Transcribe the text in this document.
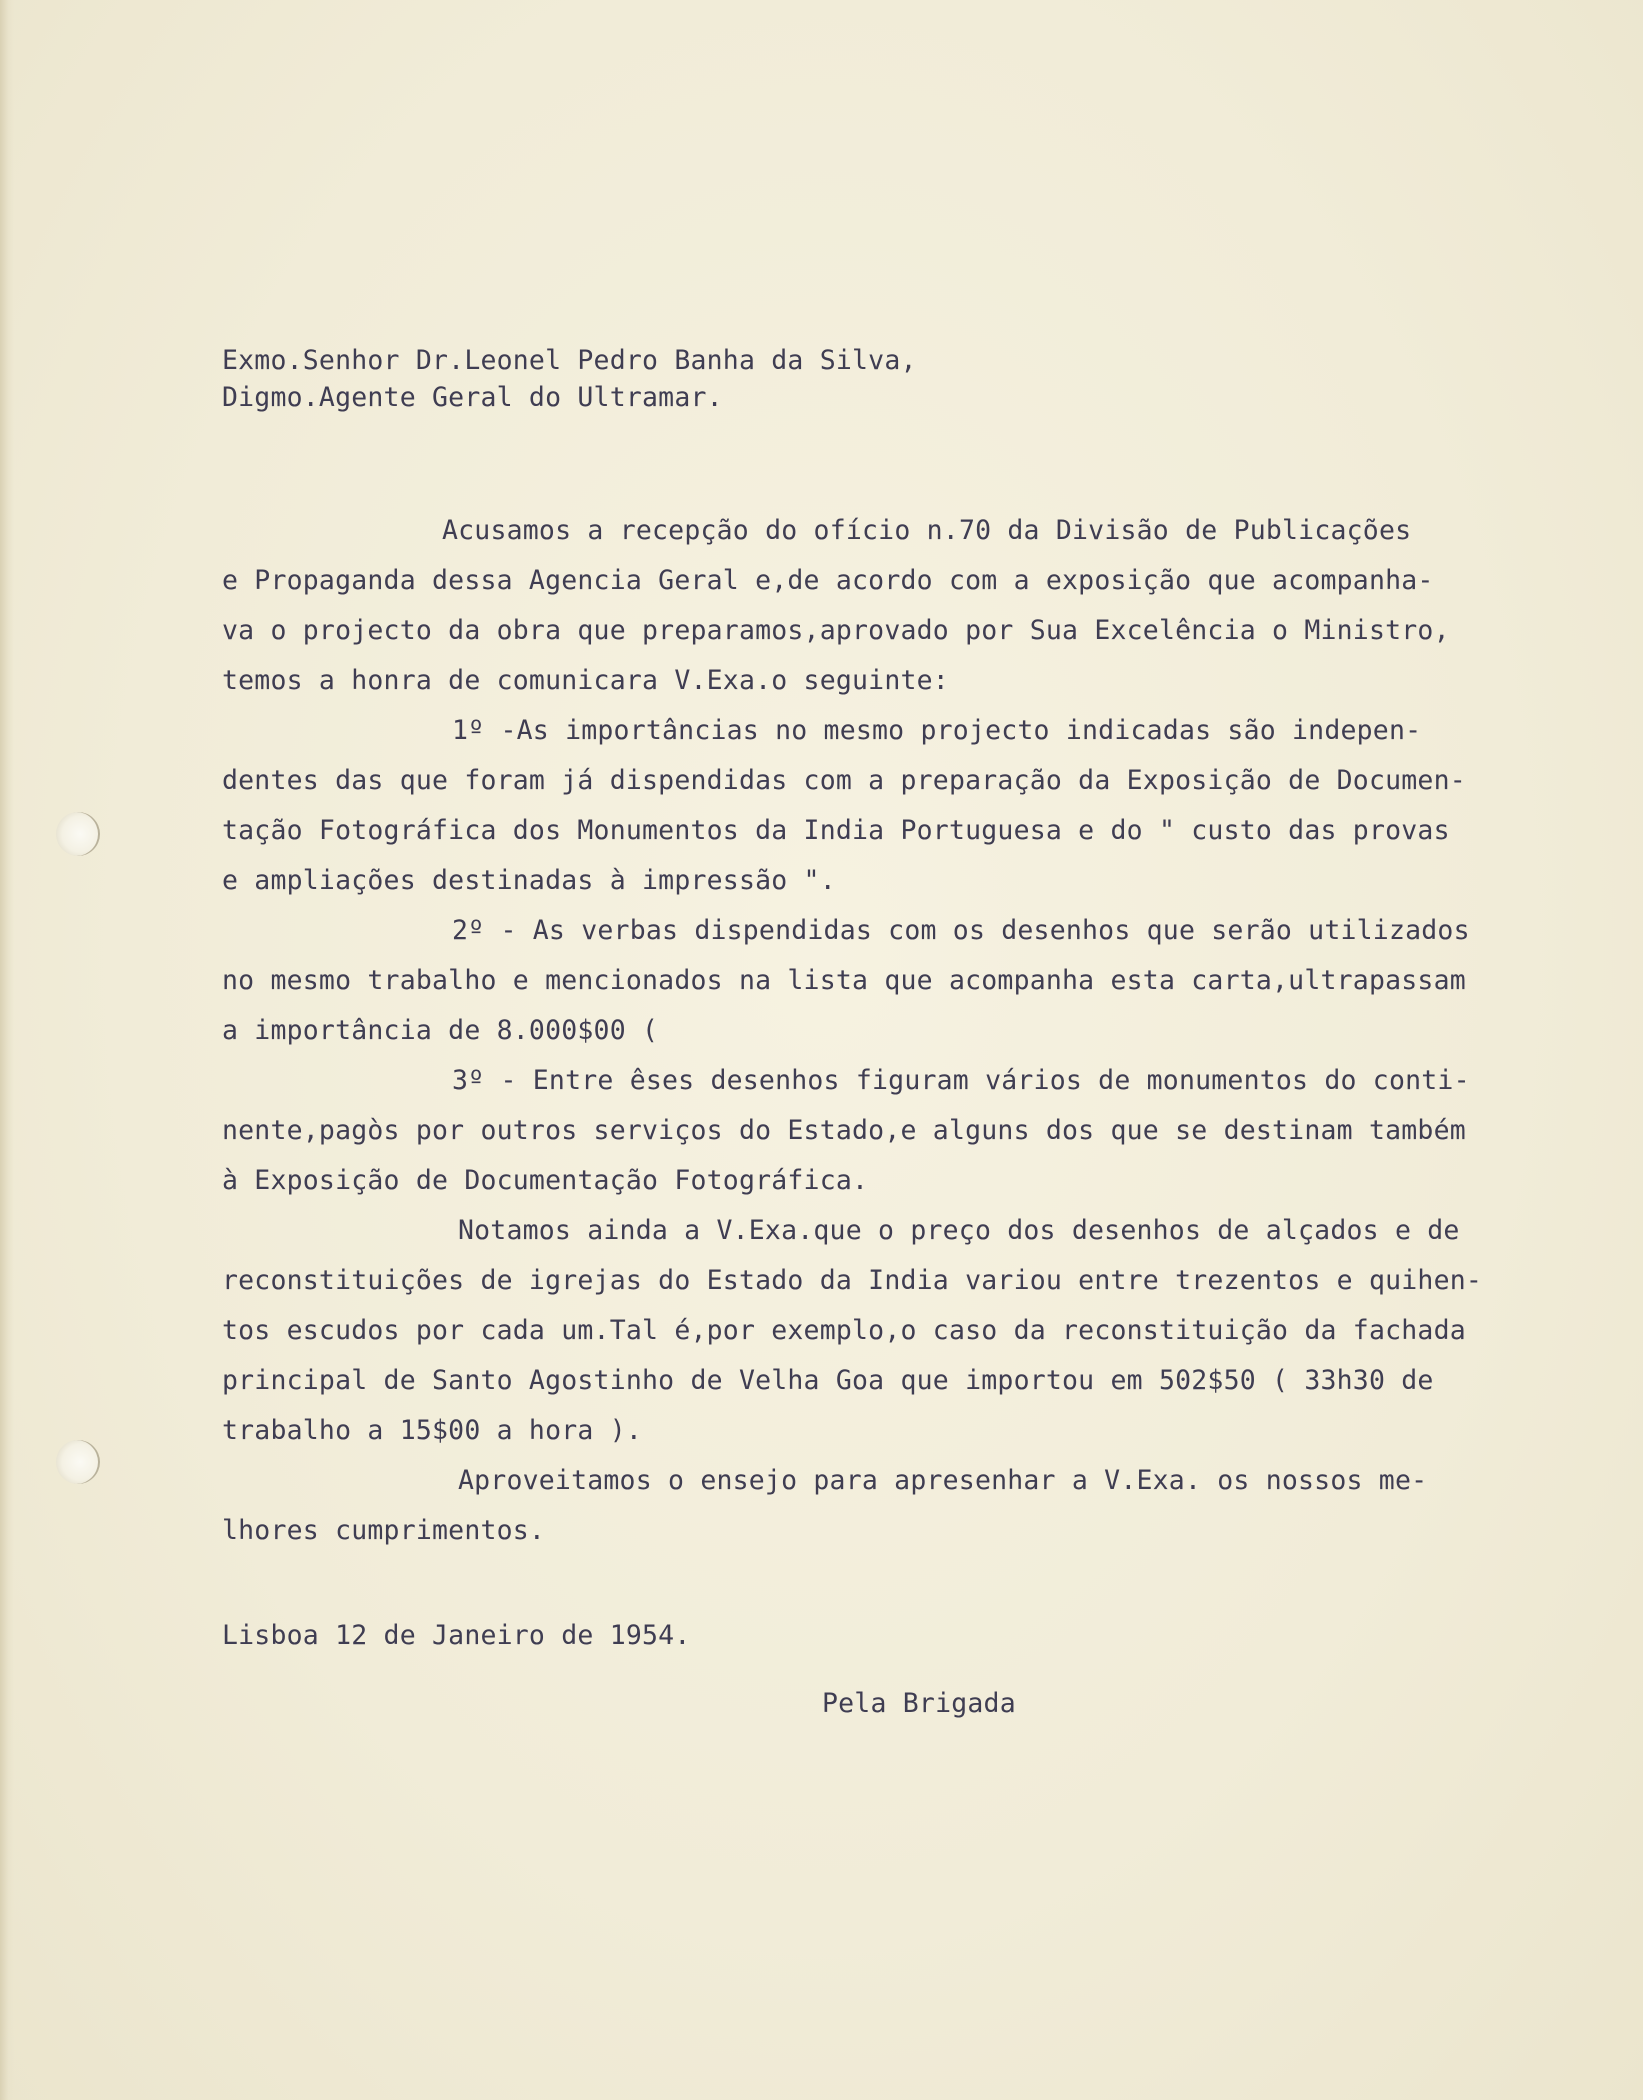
Exmo.Senhor Dr.Leonel Pedro Banha da Silva,

Digmo.Agente Geral do Ultramar.

Acusamos a recepção do ofício n.70 da Divisão de Publicações

e Propaganda dessa Agencia Geral e,de acordo com a exposição que acompanha-

va o projecto da obra que preparamos,aprovado por Sua Excelência o Ministro,

temos a honra de comunicara V.Exa.o seguinte:

1º -As importâncias no mesmo projecto indicadas são indepen-

dentes das que foram já dispendidas com a preparação da Exposição de Documen-

tação Fotográfica dos Monumentos da India Portuguesa e do " custo das provas

e ampliações destinadas à impressão ".

2º - As verbas dispendidas com os desenhos que serão utilizados

no mesmo trabalho e mencionados na lista que acompanha esta carta,ultrapassam

a importância de 8.000$00 (

3º - Entre êses desenhos figuram vários de monumentos do conti-

nente,pagòs por outros serviços do Estado,e alguns dos que se destinam também

à Exposição de Documentação Fotográfica.

Notamos ainda a V.Exa.que o preço dos desenhos de alçados e de

reconstituições de igrejas do Estado da India variou entre trezentos e quihen-

tos escudos por cada um.Tal é,por exemplo,o caso da reconstituição da fachada

principal de Santo Agostinho de Velha Goa que importou em 502$50 ( 33h30 de

trabalho a 15$00 a hora ).

Aproveitamos o ensejo para apresenhar a V.Exa. os nossos me-

lhores cumprimentos.

Lisboa 12 de Janeiro de 1954.

Pela Brigada
